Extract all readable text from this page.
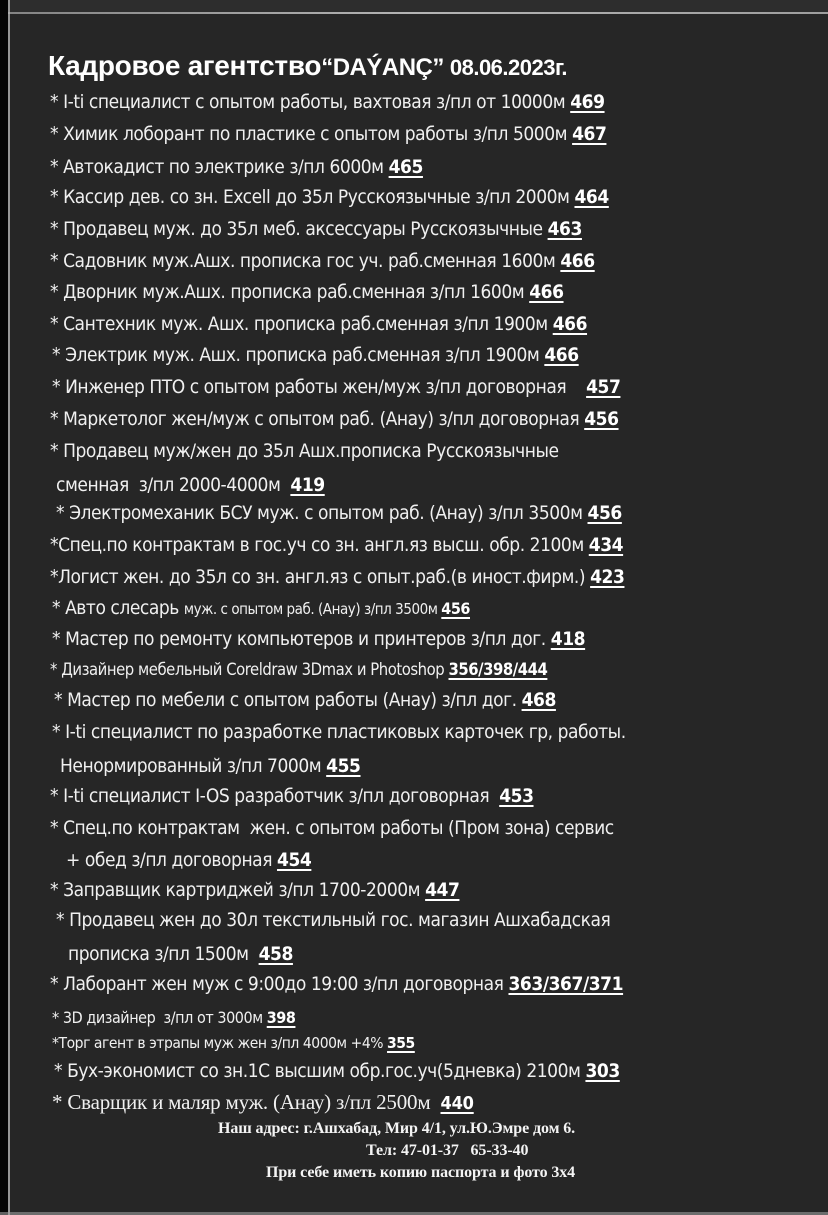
Кадровое агентство“DAÝANÇ” 08.06.2023г.
* I-ti специалист с опытом работы, вахтовая з/пл от 10000м 469
* Химик лоборант по пластике с опытом работы з/пл 5000м 467
* Автокадист по электрике з/пл 6000м 465
* Кассир дев. со зн. Excell до 35л Русскоязычные з/пл 2000м 464
* Продавец муж. до 35л меб. аксессуары Русскоязычные 463
* Садовник муж.Ашх. прописка гос уч. раб.сменная 1600м 466
* Дворник муж.Ашх. прописка раб.сменная з/пл 1600м 466
* Сантехник муж. Ашх. прописка раб.сменная з/пл 1900м 466
* Электрик муж. Ашх. прописка раб.сменная з/пл 1900м 466
* Инженер ПТО с опытом работы жен/муж з/пл договорная    457
* Маркетолог жен/муж с опытом раб. (Анау) з/пл договорная 456
* Продавец муж/жен до 35л Ашх.прописка Русскоязычные
сменная  з/пл 2000-4000м  419
* Электромеханик БСУ муж. с опытом раб. (Анау) з/пл 3500м 456
*Спец.по контрактам в гос.уч со зн. англ.яз высш. обр. 2100м 434
*Логист жен. до 35л со зн. англ.яз с опыт.раб.(в иност.фирм.) 423
* Авто слесарь муж. с опытом раб. (Анау) з/пл 3500м 456
* Мастер по ремонту компьютеров и принтеров з/пл дог. 418
* Дизайнер мебельный Coreldraw 3Dmax и Photoshop 356/398/444
* Мастер по мебели с опытом работы (Анау) з/пл дог. 468
* I-ti специалист по разработке пластиковых карточек гр, работы.
Ненормированный з/пл 7000м 455
* I-ti специалист I-OS разработчик з/пл договорная  453
* Спец.по контрактам  жен. с опытом работы (Пром зона) сервис
+ обед з/пл договорная 454
* Заправщик картриджей з/пл 1700-2000м 447
* Продавец жен до 30л текстильный гос. магазин Ашхабадская
прописка з/пл 1500м  458
* Лаборант жен муж с 9:00до 19:00 з/пл договорная 363/367/371
* 3D дизайнер  з/пл от 3000м 398
*Торг агент в этрапы муж жен з/пл 4000м +4% 355
* Бух-экономист со зн.1С высшим обр.гос.уч(5дневка) 2100м 303
* Сварщик и маляр муж. (Анау) з/пл 2500м  440
Наш адрес: г.Ашхабад, Мир 4/1, ул.Ю.Эмре дом 6.
Тел: 47-01-37   65-33-40
При себе иметь копию паспорта и фото 3х4
